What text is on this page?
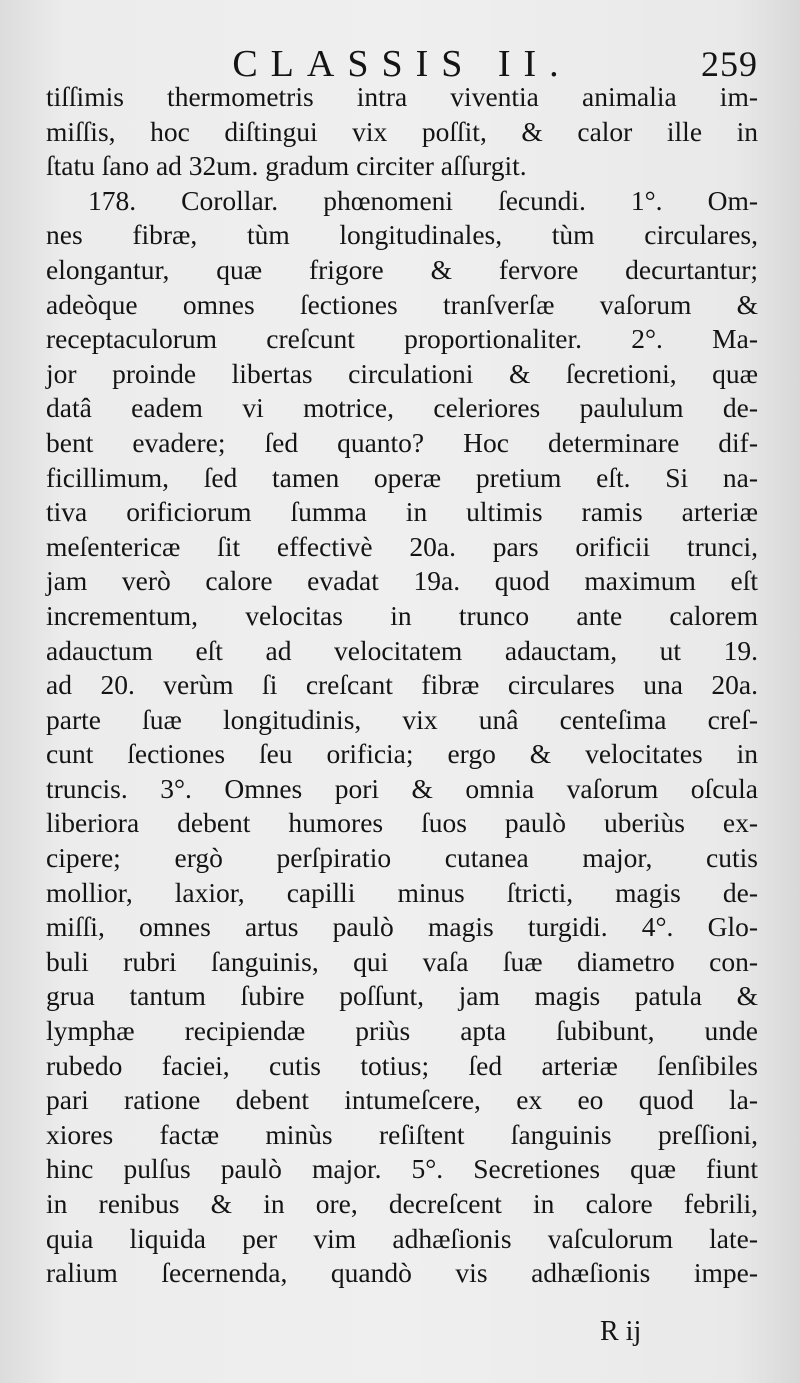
CLASSIS II.	259
tiſſimis thermometris intra viventia animalia im-
miſſis, hoc diſtingui vix poſſit, & calor ille in
ſtatu ſano ad 32um. gradum circiter aſſurgit.
178. Corollar. phœnomeni ſecundi. 1°. Om-
nes fibræ, tùm longitudinales, tùm circulares,
elongantur, quæ frigore & fervore decurtantur;
adeòque omnes ſectiones tranſverſæ vaſorum &
receptaculorum creſcunt proportionaliter. 2°. Ma-
jor proinde libertas circulationi & ſecretioni, quæ
datâ eadem vi motrice, celeriores paululum de-
bent evadere; ſed quanto? Hoc determinare dif-
ficillimum, ſed tamen operæ pretium eſt. Si na-
tiva orificiorum ſumma in ultimis ramis arteriæ
meſentericæ ſit effectivè 20a. pars orificii trunci,
jam verò calore evadat 19a. quod maximum eſt
incrementum, velocitas in trunco ante calorem
adauctum eſt ad velocitatem adauctam, ut 19.
ad 20. verùm ſi creſcant fibræ circulares una 20a.
parte ſuæ longitudinis, vix unâ centeſima creſ-
cunt ſectiones ſeu orificia; ergo & velocitates in
truncis. 3°. Omnes pori & omnia vaſorum oſcula
liberiora debent humores ſuos paulò uberiùs ex-
cipere; ergò perſpiratio cutanea major, cutis
mollior, laxior, capilli minus ſtricti, magis de-
miſſi, omnes artus paulò magis turgidi. 4°. Glo-
buli rubri ſanguinis, qui vaſa ſuæ diametro con-
grua tantum ſubire poſſunt, jam magis patula &
lymphæ recipiendæ priùs apta ſubibunt, unde
rubedo faciei, cutis totius; ſed arteriæ ſenſibiles
pari ratione debent intumeſcere, ex eo quod la-
xiores factæ minùs reſiſtent ſanguinis preſſioni,
hinc pulſus paulò major. 5°. Secretiones quæ fiunt
in renibus & in ore, decreſcent in calore febrili,
quia liquida per vim adhæſionis vaſculorum late-
ralium ſecernenda, quandò vis adhæſionis impe-
R ij
